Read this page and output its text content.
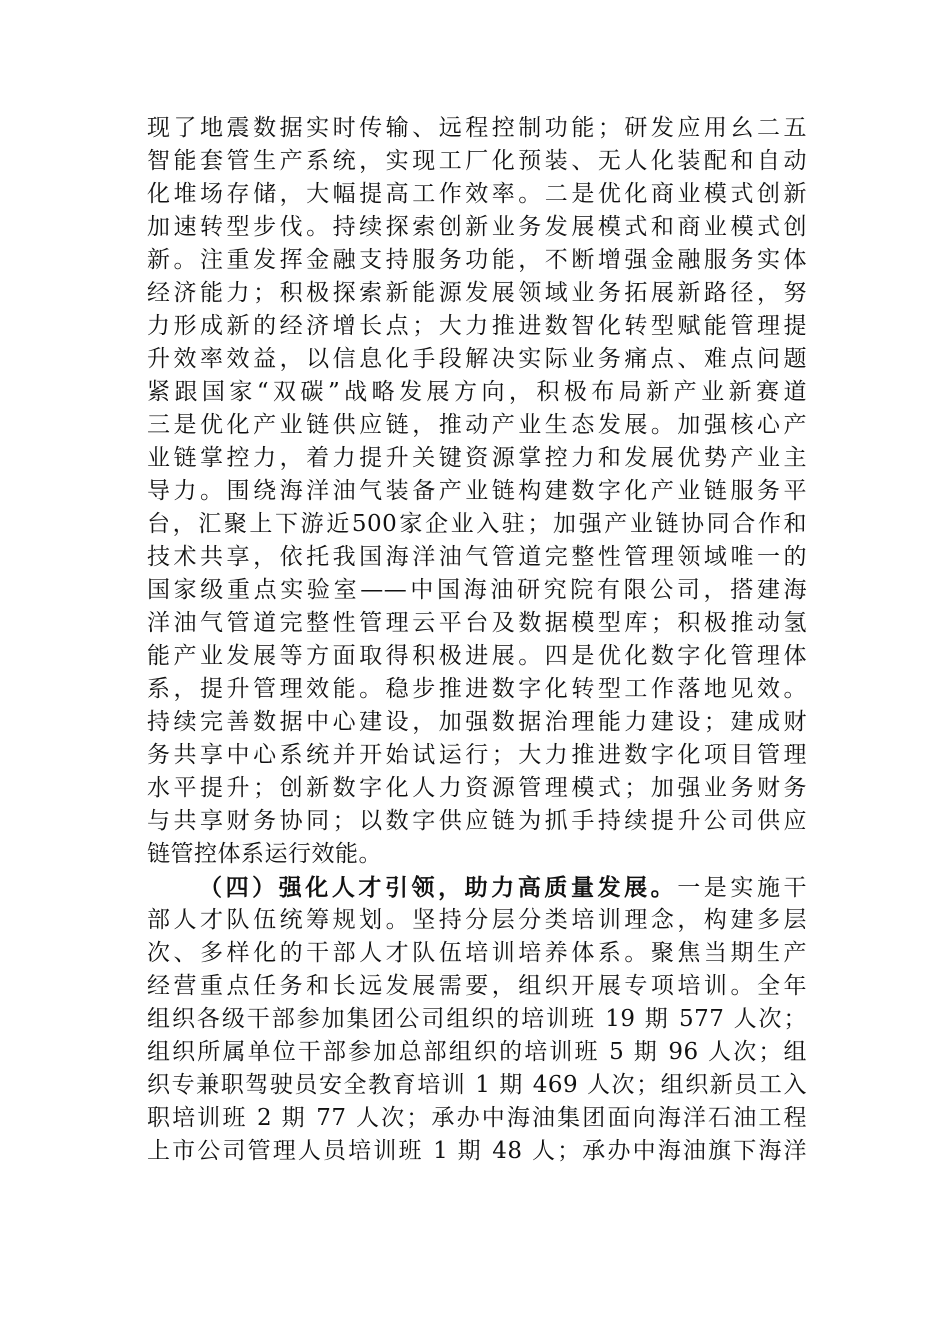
现了地震数据实时传输、远程控制功能；研发应用幺二五
智能套管生产系统，实现工厂化预装、无人化装配和自动
化堆场存储，大幅提高工作效率。二是优化商业模式创新
加速转型步伐。持续探索创新业务发展模式和商业模式创
新。注重发挥金融支持服务功能，不断增强金融服务实体
经济能力；积极探索新能源发展领域业务拓展新路径，努
力形成新的经济增长点；大力推进数智化转型赋能管理提
升效率效益，以信息化手段解决实际业务痛点、难点问题
紧跟国家“双碳”战略发展方向，积极布局新产业新赛道
三是优化产业链供应链，推动产业生态发展。加强核心产
业链掌控力，着力提升关键资源掌控力和发展优势产业主
导力。围绕海洋油气装备产业链构建数字化产业链服务平
台，汇聚上下游近500家企业入驻；加强产业链协同合作和
技术共享，依托我国海洋油气管道完整性管理领域唯一的
国家级重点实验室——中国海油研究院有限公司，搭建海
洋油气管道完整性管理云平台及数据模型库；积极推动氢
能产业发展等方面取得积极进展。四是优化数字化管理体
系，提升管理效能。稳步推进数字化转型工作落地见效。
持续完善数据中心建设，加强数据治理能力建设；建成财
务共享中心系统并开始试运行；大力推进数字化项目管理
水平提升；创新数字化人力资源管理模式；加强业务财务
与共享财务协同；以数字供应链为抓手持续提升公司供应
链管控体系运行效能。
（四）强化人才引领，助力高质量发展。一是实施干
部人才队伍统筹规划。坚持分层分类培训理念，构建多层
次、多样化的干部人才队伍培训培养体系。聚焦当期生产
经营重点任务和长远发展需要，组织开展专项培训。全年
组织各级干部参加集团公司组织的培训班 19 期 577 人次；
组织所属单位干部参加总部组织的培训班 5 期 96 人次；组
织专兼职驾驶员安全教育培训 1 期 469 人次；组织新员工入
职培训班 2 期 77 人次；承办中海油集团面向海洋石油工程
上市公司管理人员培训班 1 期 48 人；承办中海油旗下海洋
